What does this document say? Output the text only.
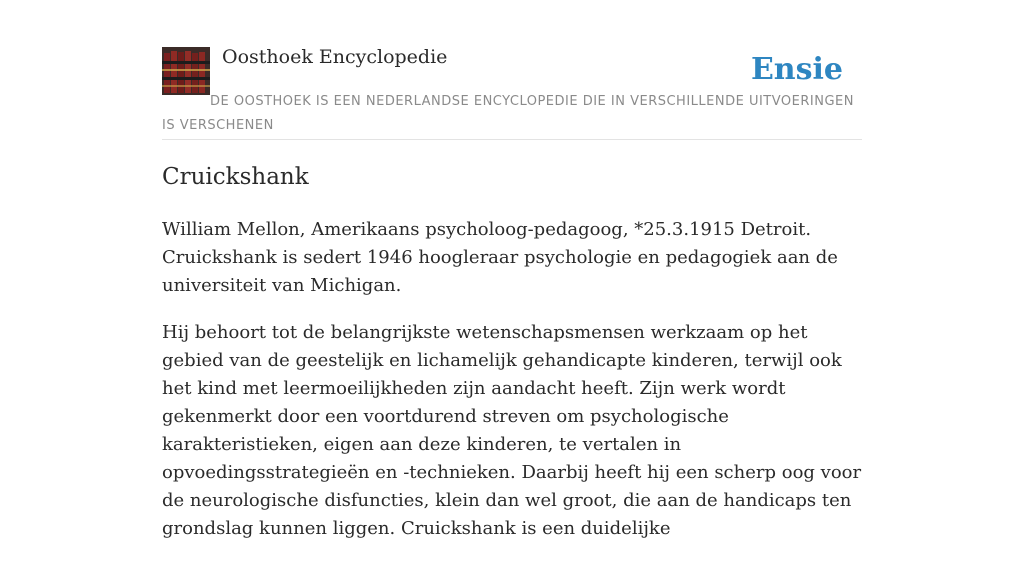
Oosthoek Encyclopedie	Ensie
DE OOSTHOEK IS EEN NEDERLANDSE ENCYCLOPEDIE DIE IN VERSCHILLENDE UITVOERINGEN IS VERSCHENEN
Cruickshank

William Mellon, Amerikaans psycholoog-pedagoog, *25.3.1915 Detroit. Cruickshank is sedert 1946 hoogleraar psychologie en pedagogiek aan de universiteit van Michigan.

Hij behoort tot de belangrijkste wetenschapsmensen werkzaam op het gebied van de geestelijk en lichamelijk gehandicapte kinderen, terwijl ook het kind met leermoeilijkheden zijn aandacht heeft. Zijn werk wordt gekenmerkt door een voortdurend streven om psychologische karakteristieken, eigen aan deze kinderen, te vertalen in opvoedingsstrategieën en -technieken. Daarbij heeft hij een scherp oog voor de neurologische disfuncties, klein dan wel groot, die aan de handicaps ten grondslag kunnen liggen. Cruickshank is een duidelijke
